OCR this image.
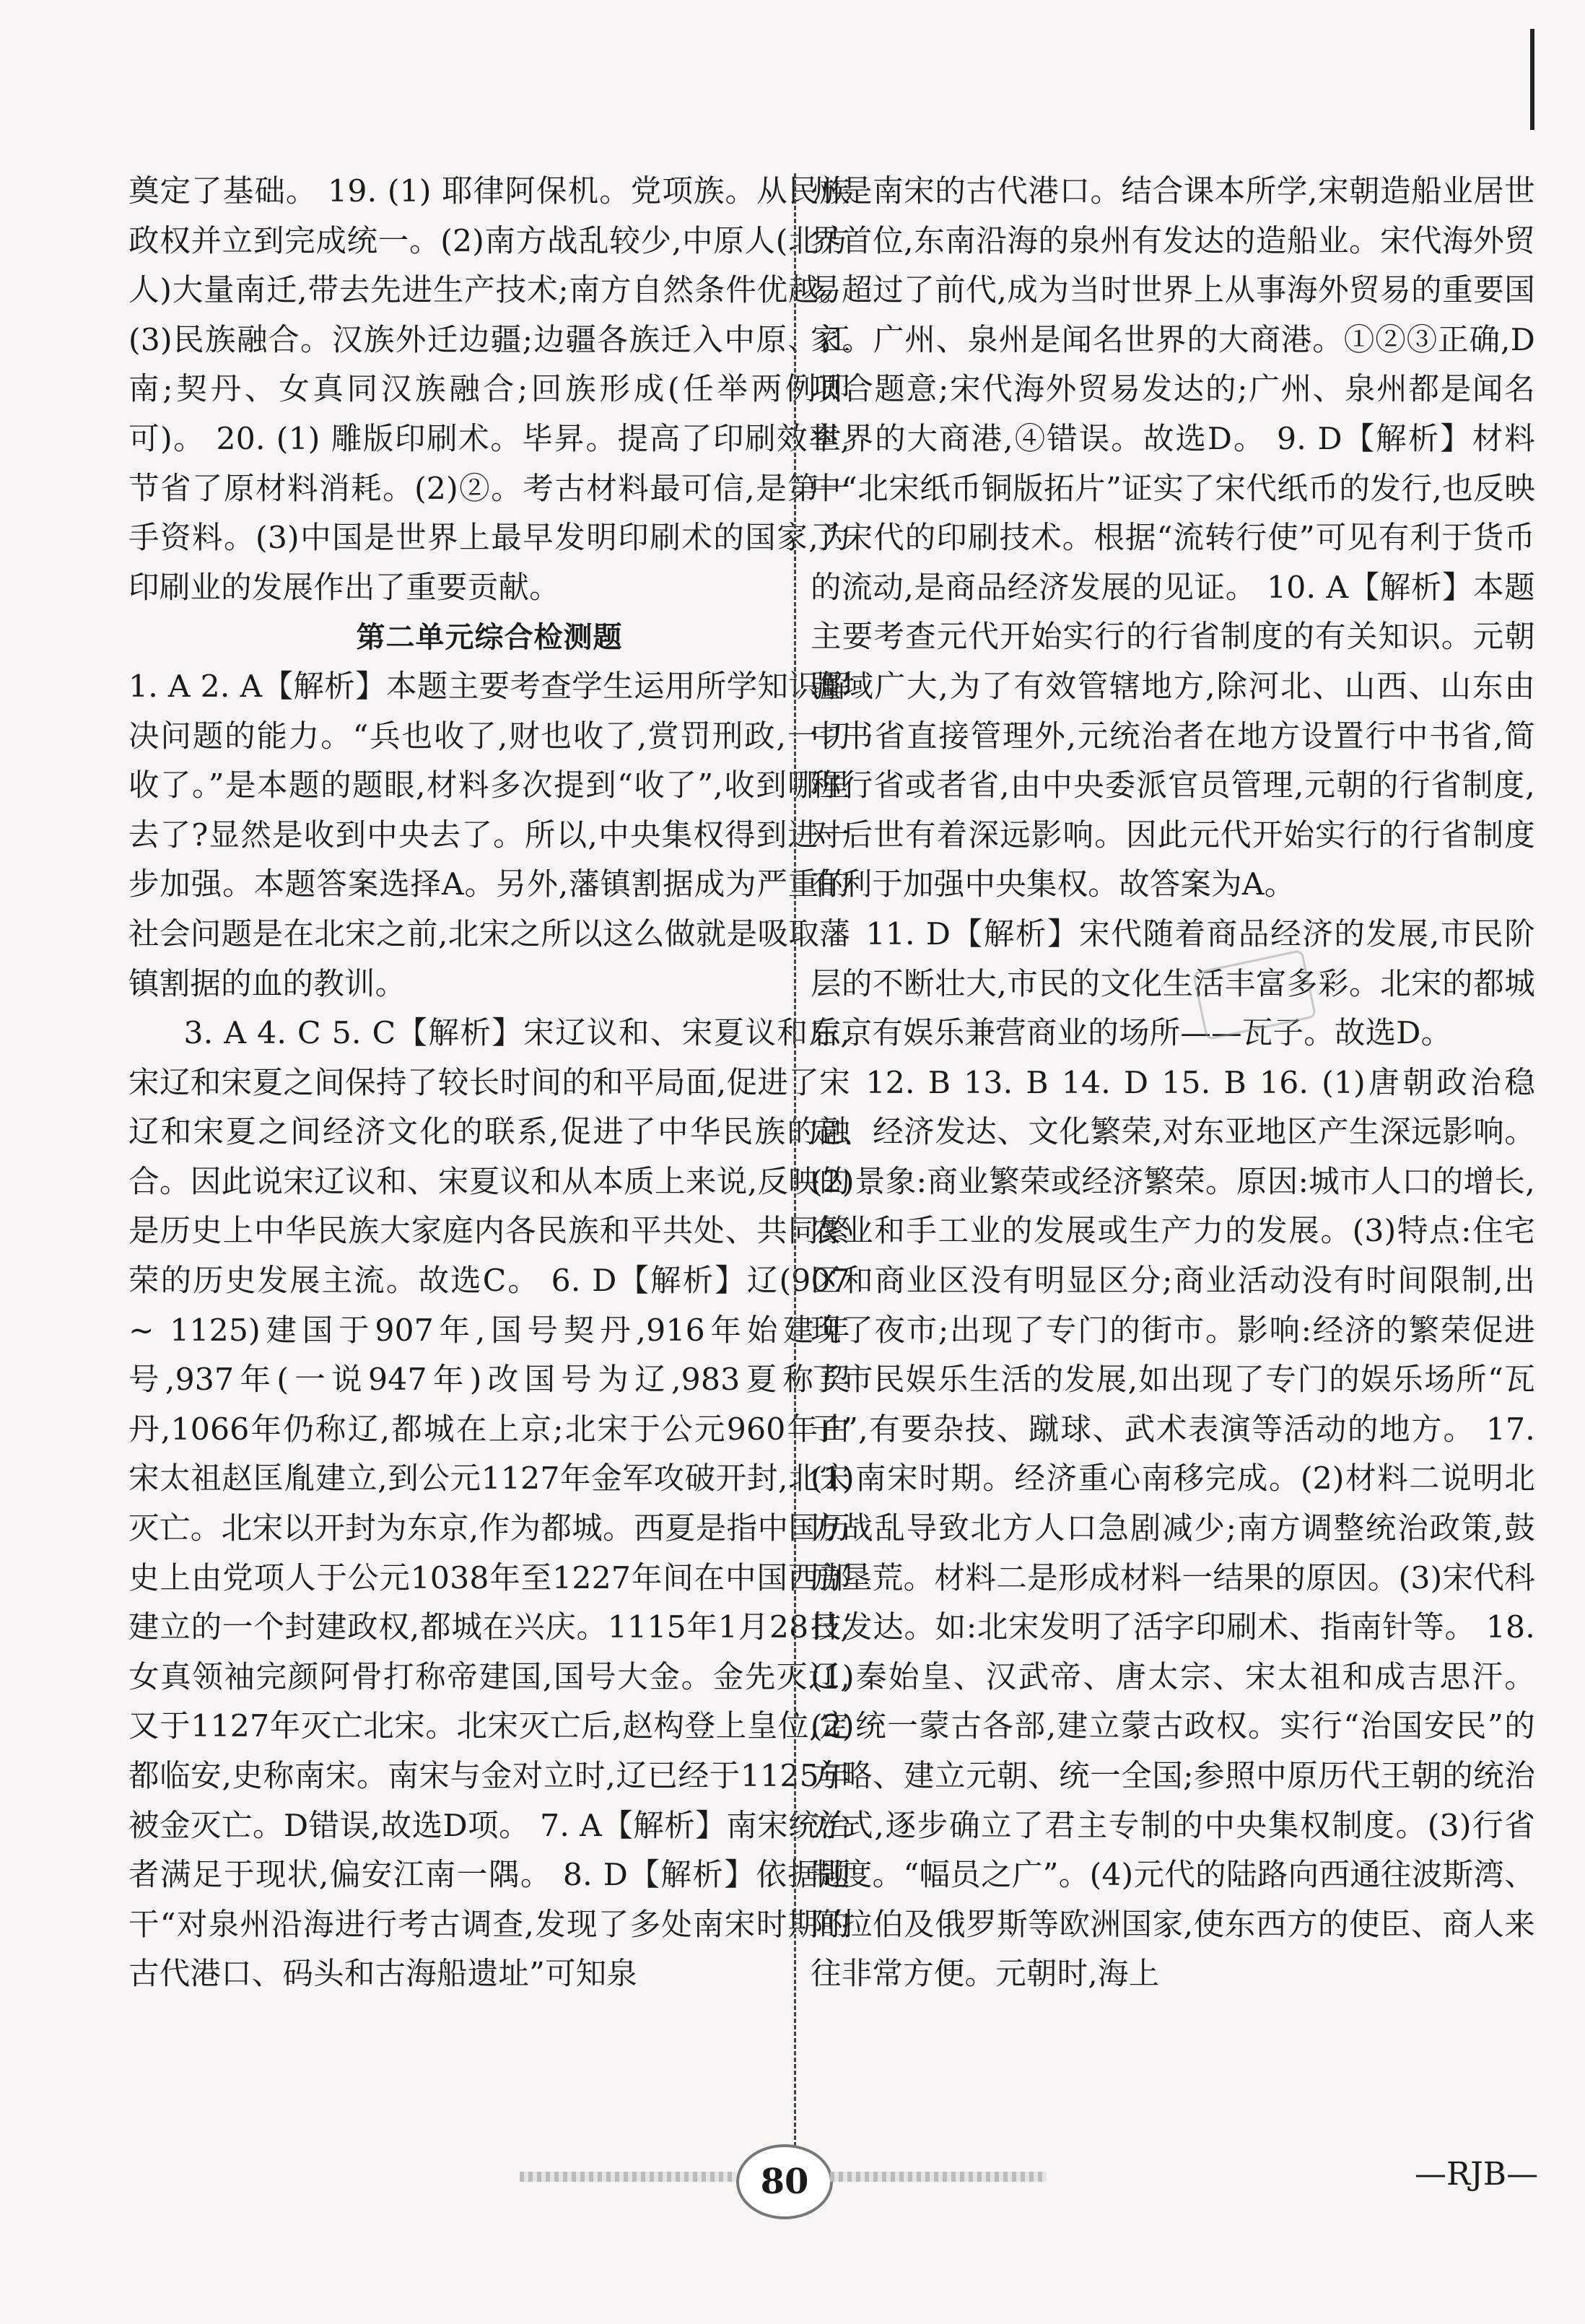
奠定了基础。 19. (1) 耶律阿保机。党项族。从民族政权并立到完成统一。(2)南方战乱较少,中原人(北方人)大量南迁,带去先进生产技术;南方自然条件优越。(3)民族融合。汉族外迁边疆;边疆各族迁入中原、江南;契丹、女真同汉族融合;回族形成(任举两例即可)。 20. (1) 雕版印刷术。毕昇。提高了印刷效率,节省了原材料消耗。(2)②。考古材料最可信,是第一手资料。(3)中国是世界上最早发明印刷术的国家,为印刷业的发展作出了重要贡献。

第二单元综合检测题

1. A 2. A【解析】本题主要考查学生运用所学知识解决问题的能力。“兵也收了,财也收了,赏罚刑政,一切收了。”是本题的题眼,材料多次提到“收了”,收到哪里去了?显然是收到中央去了。所以,中央集权得到进一步加强。本题答案选择A。另外,藩镇割据成为严重的社会问题是在北宋之前,北宋之所以这么做就是吸取藩镇割据的血的教训。

3. A 4. C 5. C【解析】宋辽议和、宋夏议和后,宋辽和宋夏之间保持了较长时间的和平局面,促进了宋辽和宋夏之间经济文化的联系,促进了中华民族的融合。因此说宋辽议和、宋夏议和从本质上来说,反映的是历史上中华民族大家庭内各民族和平共处、共同繁荣的历史发展主流。故选C。 6. D【解析】辽(907 ~ 1125)建国于907年,国号契丹,916年始建年号,937年(一说947年)改国号为辽,983夏称契丹,1066年仍称辽,都城在上京;北宋于公元960年由宋太祖赵匡胤建立,到公元1127年金军攻破开封,北宋灭亡。北宋以开封为东京,作为都城。西夏是指中国历史上由党项人于公元1038年至1227年间在中国西部建立的一个封建政权,都城在兴庆。1115年1月28日,女真领袖完颜阿骨打称帝建国,国号大金。金先灭辽,又于1127年灭亡北宋。北宋灭亡后,赵构登上皇位,定都临安,史称南宋。南宋与金对立时,辽已经于1125年被金灭亡。D错误,故选D项。 7. A【解析】南宋统治者满足于现状,偏安江南一隅。 8. D【解析】依据题干“对泉州沿海进行考古调查,发现了多处南宋时期的古代港口、码头和古海船遗址”可知泉

州是南宋的古代港口。结合课本所学,宋朝造船业居世界首位,东南沿海的泉州有发达的造船业。宋代海外贸易超过了前代,成为当时世界上从事海外贸易的重要国家。广州、泉州是闻名世界的大商港。①②③正确,D项合题意;宋代海外贸易发达的;广州、泉州都是闻名世界的大商港,④错误。故选D。 9. D【解析】材料中“北宋纸币铜版拓片”证实了宋代纸币的发行,也反映了宋代的印刷技术。根据“流转行使”可见有利于货币的流动,是商品经济发展的见证。 10. A【解析】本题主要考查元代开始实行的行省制度的有关知识。元朝疆域广大,为了有效管辖地方,除河北、山西、山东由中书省直接管理外,元统治者在地方设置行中书省,简称行省或者省,由中央委派官员管理,元朝的行省制度,对后世有着深远影响。因此元代开始实行的行省制度有利于加强中央集权。故答案为A。

11. D【解析】宋代随着商品经济的发展,市民阶层的不断壮大,市民的文化生活丰富多彩。北宋的都城东京有娱乐兼营商业的场所——瓦子。故选D。

12. B 13. B 14. D 15. B 16. (1)唐朝政治稳定、经济发达、文化繁荣,对东亚地区产生深远影响。(2)景象:商业繁荣或经济繁荣。原因:城市人口的增长,农业和手工业的发展或生产力的发展。(3)特点:住宅区和商业区没有明显区分;商业活动没有时间限制,出现了夜市;出现了专门的街市。影响:经济的繁荣促进了市民娱乐生活的发展,如出现了专门的娱乐场所“瓦子”,有要杂技、蹴球、武术表演等活动的地方。 17. (1)南宋时期。经济重心南移完成。(2)材料二说明北方战乱导致北方人口急剧减少;南方调整统治政策,鼓励垦荒。材料二是形成材料一结果的原因。(3)宋代科技发达。如:北宋发明了活字印刷术、指南针等。 18. (1)秦始皇、汉武帝、唐太宗、宋太祖和成吉思汗。(2)统一蒙古各部,建立蒙古政权。实行“治国安民”的方略、建立元朝、统一全国;参照中原历代王朝的统治方式,逐步确立了君主专制的中央集权制度。(3)行省制度。“幅员之广”。(4)元代的陆路向西通往波斯湾、阿拉伯及俄罗斯等欧洲国家,使东西方的使臣、商人来往非常方便。元朝时,海上

80	—RJB—
